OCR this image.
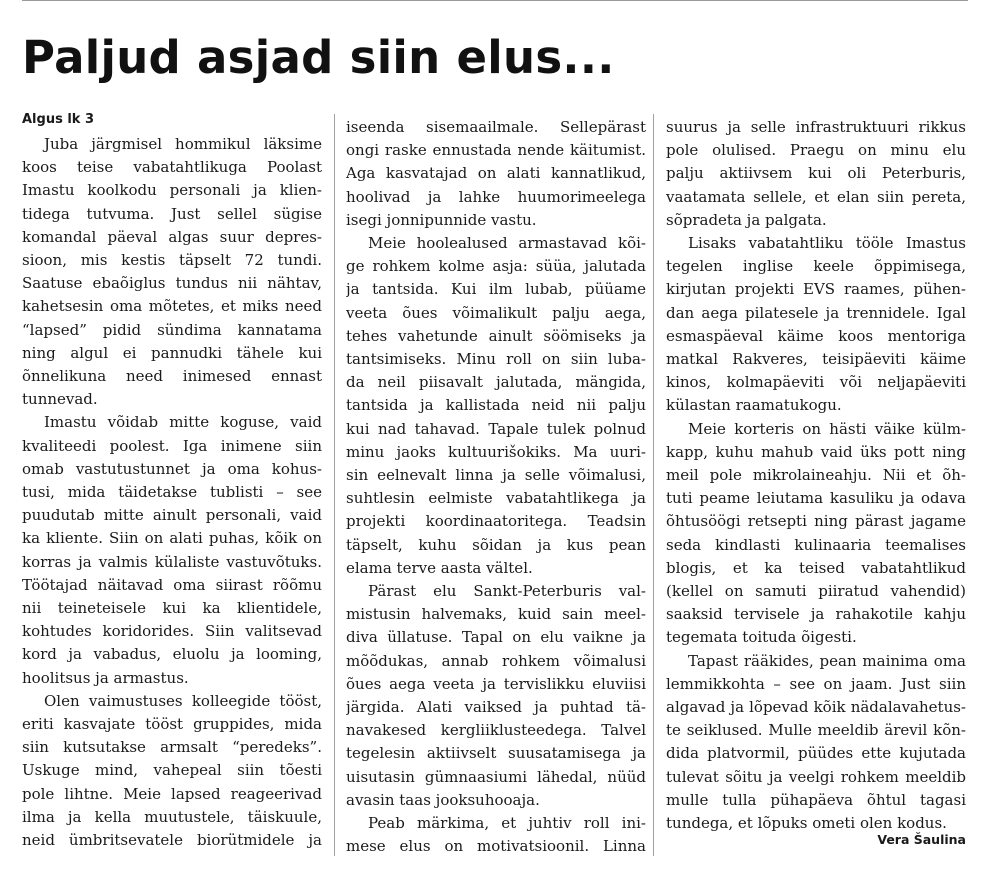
Paljud asjad siin elus...
Algus lk 3
Juba järgmisel hommikul läksime
koos teise vabatahtlikuga Poolast
Imastu koolkodu personali ja klien-
tidega tutvuma. Just sellel sügise
komandal päeval algas suur depres-
sioon, mis kestis täpselt 72 tundi.
Saatuse ebaõiglus tundus nii nähtav,
kahetsesin oma mõtetes, et miks need
“lapsed” pidid sündima kannatama
ning algul ei pannudki tähele kui
õnnelikuna need inimesed ennast
tunnevad.
Imastu võidab mitte koguse, vaid
kvaliteedi poolest. Iga inimene siin
omab vastutustunnet ja oma kohus-
tusi, mida täidetakse tublisti – see
puudutab mitte ainult personali, vaid
ka kliente. Siin on alati puhas, kõik on
korras ja valmis külaliste vastuvõtuks.
Töötajad näitavad oma siirast rõõmu
nii teineteisele kui ka klientidele,
kohtudes koridorides. Siin valitsevad
kord ja vabadus, eluolu ja looming,
hoolitsus ja armastus.
Olen vaimustuses kolleegide tööst,
eriti kasvajate tööst gruppides, mida
siin kutsutakse armsalt “peredeks”.
Uskuge mind, vahepeal siin tõesti
pole lihtne. Meie lapsed reageerivad
ilma ja kella muutustele, täiskuule,
neid ümbritsevatele biorütmidele ja
iseenda sisemaailmale. Sellepärast
ongi raske ennustada nende käitumist.
Aga kasvatajad on alati kannatlikud,
hoolivad ja lahke huumorimeelega
isegi jonnipunnide vastu.
Meie hoolealused armastavad kõi-
ge rohkem kolme asja: süüa, jalutada
ja tantsida. Kui ilm lubab, püüame
veeta õues võimalikult palju aega,
tehes vahetunde ainult söömiseks ja
tantsimiseks. Minu roll on siin luba-
da neil piisavalt jalutada, mängida,
tantsida ja kallistada neid nii palju
kui nad tahavad. Tapale tulek polnud
minu jaoks kultuurišokiks. Ma uuri-
sin eelnevalt linna ja selle võimalusi,
suhtlesin eelmiste vabatahtlikega ja
projekti koordinaatoritega. Teadsin
täpselt, kuhu sõidan ja kus pean
elama terve aasta vältel.
Pärast elu Sankt-Peterburis val-
mistusin halvemaks, kuid sain meel-
diva üllatuse. Tapal on elu vaikne ja
mõõdukas, annab rohkem võimalusi
õues aega veeta ja tervislikku eluviisi
järgida. Alati vaiksed ja puhtad tä-
navakesed kergliiklusteedega. Talvel
tegelesin aktiivselt suusatamisega ja
uisutasin gümnaasiumi lähedal, nüüd
avasin taas jooksuhooaja.
Peab märkima, et juhtiv roll ini-
mese elus on motivatsioonil. Linna
suurus ja selle infrastruktuuri rikkus
pole olulised. Praegu on minu elu
palju aktiivsem kui oli Peterburis,
vaatamata sellele, et elan siin pereta,
sõpradeta ja palgata.
Lisaks vabatahtliku tööle Imastus
tegelen inglise keele õppimisega,
kirjutan projekti EVS raames, pühen-
dan aega pilatesele ja trennidele. Igal
esmaspäeval käime koos mentoriga
matkal Rakveres, teisipäeviti käime
kinos, kolmapäeviti või neljapäeviti
külastan raamatukogu.
Meie korteris on hästi väike külm-
kapp, kuhu mahub vaid üks pott ning
meil pole mikrolaineahju. Nii et õh-
tuti peame leiutama kasuliku ja odava
õhtusöögi retsepti ning pärast jagame
seda kindlasti kulinaaria teemalises
blogis, et ka teised vabatahtlikud
(kellel on samuti piiratud vahendid)
saaksid tervisele ja rahakotile kahju
tegemata toituda õigesti.
Tapast rääkides, pean mainima oma
lemmikkohta – see on jaam. Just siin
algavad ja lõpevad kõik nädalavahetus-
te seiklused. Mulle meeldib ärevil kõn-
dida platvormil, püüdes ette kujutada
tulevat sõitu ja veelgi rohkem meeldib
mulle tulla pühapäeva õhtul tagasi
tundega, et lõpuks ometi olen kodus.
Vera Šaulina
